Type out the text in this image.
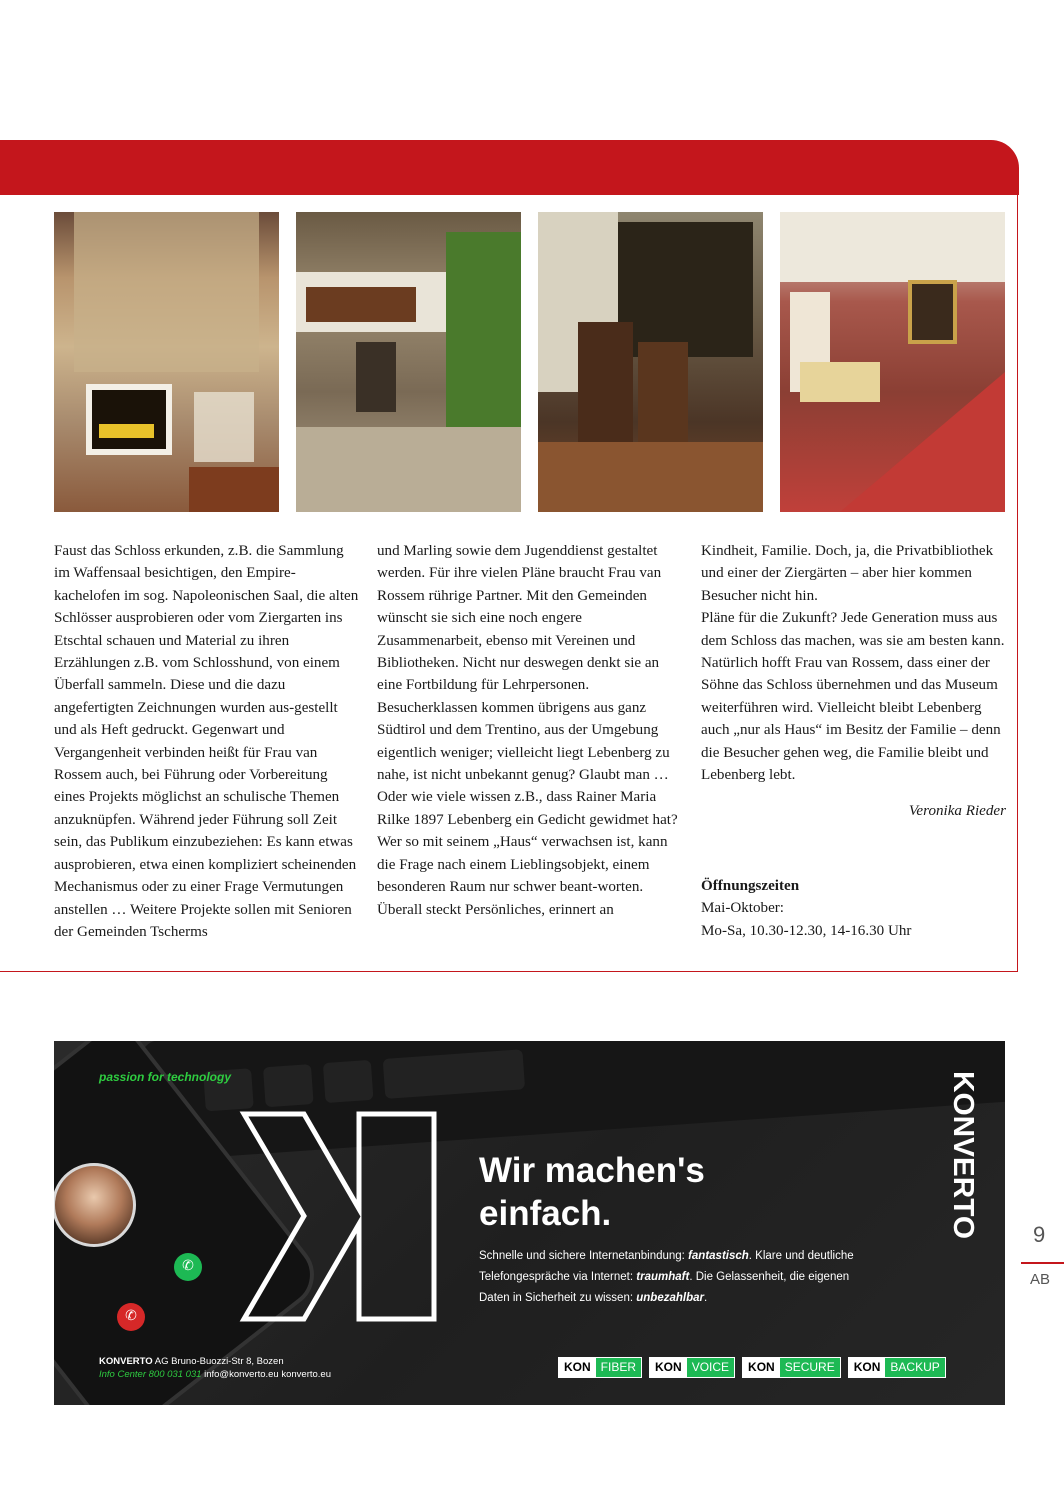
Faust das Schloss erkunden, z.B. die Sammlung im Waffensaal besichtigen, den Empire-kachelofen im sog. Napoleonischen Saal, die alten Schlösser ausprobieren oder vom Ziergarten ins Etschtal schauen und Material zu ihren Erzählungen z.B. vom Schlosshund, von einem Überfall sammeln. Diese und die dazu angefertigten Zeichnungen wurden aus-gestellt und als Heft gedruckt. Gegenwart und Vergangenheit verbinden heißt für Frau van Rossem auch, bei Führung oder Vorbereitung eines Projekts möglichst an schulische Themen anzuknüpfen. Während jeder Führung soll Zeit sein, das Publikum einzubeziehen: Es kann etwas ausprobieren, etwa einen kompliziert scheinenden Mechanismus oder zu einer Frage Vermutungen anstellen … Weitere Projekte sollen mit Senioren der Gemeinden Tscherms

und Marling sowie dem Jugenddienst gestaltet werden. Für ihre vielen Pläne braucht Frau van Rossem rührige Partner. Mit den Gemeinden wünscht sie sich eine noch engere Zusammenarbeit, ebenso mit Vereinen und Bibliotheken. Nicht nur deswegen denkt sie an eine Fortbildung für Lehrpersonen. Besucherklassen kommen übrigens aus ganz Südtirol und dem Trentino, aus der Umgebung eigentlich weniger; vielleicht liegt Lebenberg zu nahe, ist nicht unbekannt genug? Glaubt man … Oder wie viele wissen z.B., dass Rainer Maria Rilke 1897 Lebenberg ein Gedicht gewidmet hat?

Wer so mit seinem „Haus“ verwachsen ist, kann die Frage nach einem Lieblingsobjekt, einem besonderen Raum nur schwer beant-worten. Überall steckt Persönliches, erinnert an

Kindheit, Familie. Doch, ja, die Privatbibliothek und einer der Ziergärten – aber hier kommen Besucher nicht hin.

Pläne für die Zukunft? Jede Generation muss aus dem Schloss das machen, was sie am besten kann. Natürlich hofft Frau van Rossem, dass einer der Söhne das Schloss übernehmen und das Museum weiterführen wird. Vielleicht bleibt Lebenberg auch „nur als Haus“ im Besitz der Familie – denn die Besucher gehen weg, die Familie bleibt und Lebenberg lebt.

Veronika Rieder

Öffnungszeiten

Mai-Oktober:

Mo-Sa, 10.30-12.30, 14-16.30 Uhr

✆
✆
passion for technology
Wir machen's
einfach.

Schnelle und sichere Internetanbindung: fantastisch. Klare und deutliche Telefongespräche via Internet: traumhaft. Die Gelassenheit, die eigenen Daten in Sicherheit zu wissen: unbezahlbar.

KONVERTO
KON FIBER	KON VOICE	KON SECURE	KON BACKUP
KONVERTO AG Bruno-Buozzi-Str 8, Bozen
Info Center 800 031 031 info@konverto.eu konverto.eu
9
AB
